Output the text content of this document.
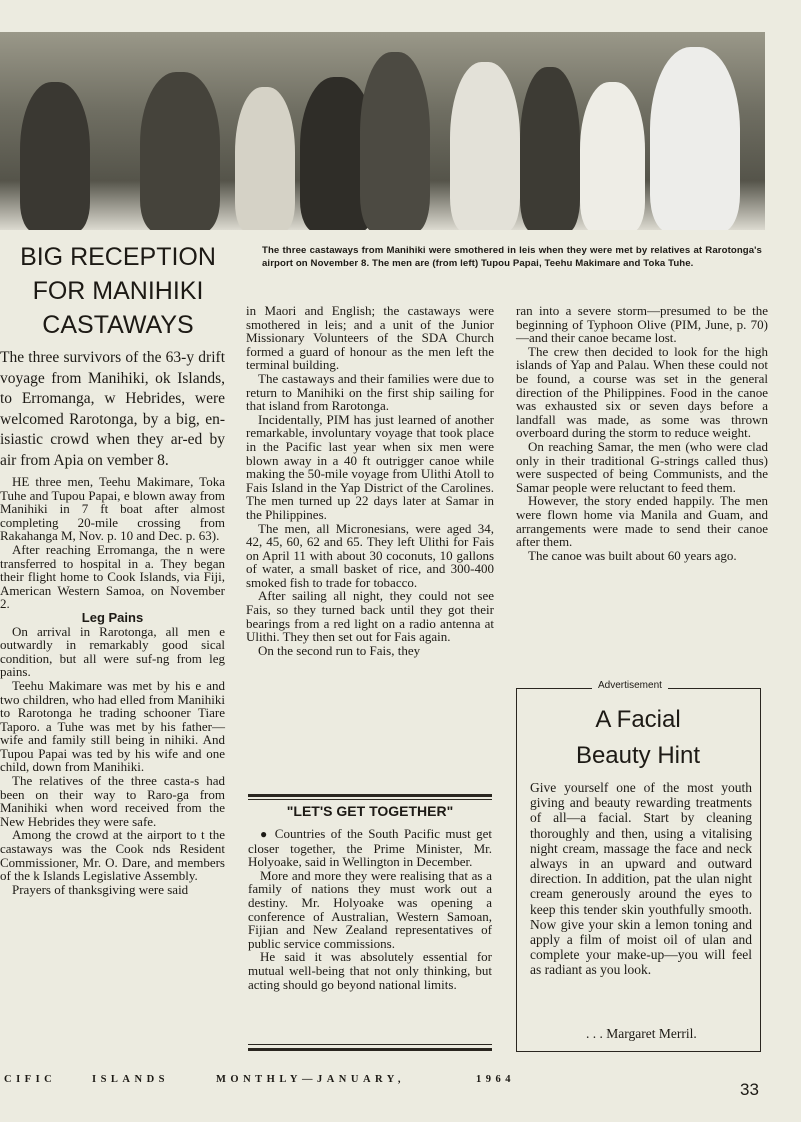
The three castaways from Manihiki were smothered in leis when they were met by relatives at Rarotonga's airport on November 8. The men are (from left) Tupou Papai, Teehu Makimare and Toka Tuhe.
BIG RECEPTION
FOR MANIHIKI
CASTAWAYS

The three survivors of the 63-y drift voyage from Manihiki, ok Islands, to Erromanga, w Hebrides, were welcomed Rarotonga, by a big, en-isiastic crowd when they ar-ed by air from Apia on vember 8.

HE three men, Teehu Makimare, Toka Tuhe and Tupou Papai, e blown away from Manihiki in 7 ft boat after almost completing 20-mile crossing from Rakahanga M, Nov. p. 10 and Dec. p. 63).

After reaching Erromanga, the n were transferred to hospital in a. They began their flight home to Cook Islands, via Fiji, American Western Samoa, on November 2.

Leg Pains

On arrival in Rarotonga, all men e outwardly in remarkably good sical condition, but all were suf-ng from leg pains.

Teehu Makimare was met by his e and two children, who had elled from Manihiki to Rarotonga he trading schooner Tiare Taporo. a Tuhe was met by his father— wife and family still being in nihiki. And Tupou Papai was ted by his wife and one child, down from Manihiki.

The relatives of the three casta-s had been on their way to Raro-ga from Manihiki when word received from the New Hebrides they were safe.

Among the crowd at the airport to t the castaways was the Cook nds Resident Commissioner, Mr. O. Dare, and members of the k Islands Legislative Assembly.

Prayers of thanksgiving were said

in Maori and English; the castaways were smothered in leis; and a unit of the Junior Missionary Volunteers of the SDA Church formed a guard of honour as the men left the terminal building.

The castaways and their families were due to return to Manihiki on the first ship sailing for that island from Rarotonga.

Incidentally, PIM has just learned of another remarkable, involuntary voyage that took place in the Pacific last year when six men were blown away in a 40 ft outrigger canoe while making the 50-mile voyage from Ulithi Atoll to Fais Island in the Yap District of the Carolines. The men turned up 22 days later at Samar in the Philippines.

The men, all Micronesians, were aged 34, 42, 45, 60, 62 and 65. They left Ulithi for Fais on April 11 with about 30 coconuts, 10 gallons of water, a small basket of rice, and 300-400 smoked fish to trade for tobacco.

After sailing all night, they could not see Fais, so they turned back until they got their bearings from a red light on a radio antenna at Ulithi. They then set out for Fais again.

On the second run to Fais, they

"LET'S GET TOGETHER"

● Countries of the South Pacific must get closer together, the Prime Minister, Mr. Holyoake, said in Wellington in December.

More and more they were realising that as a family of nations they must work out a destiny. Mr. Holyoake was opening a conference of Australian, Western Samoan, Fijian and New Zealand representatives of public service commissions.

He said it was absolutely essential for mutual well-being that not only thinking, but acting should go beyond national limits.

ran into a severe storm—presumed to be the beginning of Typhoon Olive (PIM, June, p. 70)—and their canoe became lost.

The crew then decided to look for the high islands of Yap and Palau. When these could not be found, a course was set in the general direction of the Philippines. Food in the canoe was exhausted six or seven days before a landfall was made, as some was thrown overboard during the storm to reduce weight.

On reaching Samar, the men (who were clad only in their traditional G-strings called thus) were suspected of being Communists, and the Samar people were reluctant to feed them.

However, the story ended happily. The men were flown home via Manila and Guam, and arrangements were made to send their canoe after them.

The canoe was built about 60 years ago.

Advertisement
A Facial
Beauty Hint
Give yourself one of the most youth giving and beauty rewarding treatments of all—a facial. Start by cleaning thoroughly and then, using a vitalising night cream, massage the face and neck always in an upward and outward direction. In addition, pat the ulan night cream generously around the eyes to keep this tender skin youthfully smooth. Now give your skin a lemon toning and apply a film of moist oil of ulan and complete your make-up—you will feel as radiant as you look.
. . . Margaret Merril.
CIFIC	ISLANDS	MONTHLY—JANUARY,	1964
33
